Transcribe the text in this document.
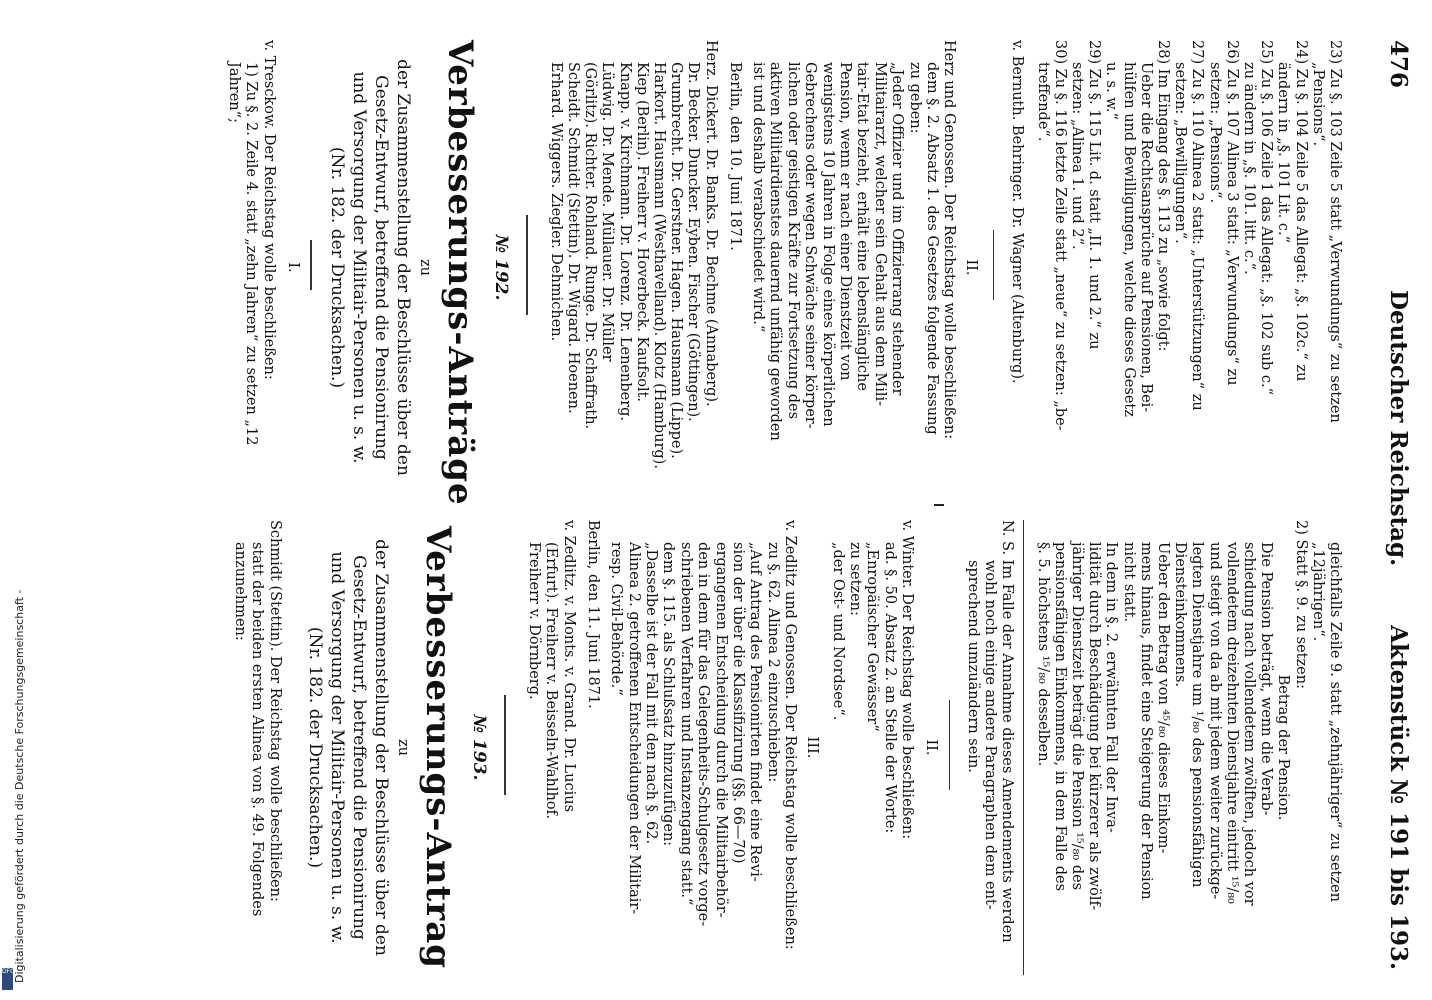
476
Deutscher Reichstag.
Aktenstück № 191 bis 193.
23) Zu §. 103 Zeile 5 statt „Verwundungs“ zu setzen
„Pensions“.
24) Zu §. 104 Zeile 5 das Allegat: „§. 102c.“ zu
ändern in „§. 101 Lit. c.“
25) Zu §. 106 Zeile 1 das Allegat: „§. 102 sub c.“
zu ändern in „§. 101. litt. c.“.
26) Zu §. 107 Alinea 3 statt: „Verwundungs“ zu
setzen: „Pensions“.
27) Zu §. 110 Alinea 2 statt: „Unterstützungen“ zu
setzen: „Bewilligungen“.
28) Im Eingang des §. 113 zu „sowie folgt:
Ueber die Rechtsansprüche auf Pensionen, Bei-
hülfen und Bewilligungen, welche dieses Gesetz
u. s. w.“
29) Zu §. 115 Lit. d. statt „II. 1. und 2.“ zu
setzen: „Alinea 1. und 2“.
30) Zu §. 116 letzte Zeile statt „neue“ zu setzen: „be-
treffende“.
v. Bernuth. Behringer. Dr. Wagner (Altenburg).
II.
Herz und Genossen. Der Reichstag wolle beschließen:
dem §. 2. Absatz 1. des Gesetzes folgende Fassung
zu geben:
„Jeder Offizier und im Offizierrang stehender
Militairarzt, welcher sein Gehalt aus dem Mili-
tair-Etat bezieht, erhält eine lebenslängliche
Pension, wenn er nach einer Dienstzeit von
wenigstens 10 Jahren in Folge eines körperlichen
Gebrechens oder wegen Schwäche seiner körper-
lichen oder geistigen Kräfte zur Fortsetzung des
aktiven Militairdienstes dauernd unfähig geworden
ist und deshalb verabschiedet wird.“
Berlin, den 10. Juni 1871.
Herz. Dickert. Dr. Banks. Dr. Bechme (Annaberg).
Dr. Becker. Duncker. Eyben. Fischer (Göttingen).
Grumbrecht. Dr. Gerstner. Hagen. Hausmann (Lippe).
Harkort. Hausmann (Westhavelland). Klotz (Hamburg).
Kiep (Berlin). Freiherr v. Hoverbeck. Kaufsolt.
Knapp. v. Kirchmann. Dr. Lorenz. Dr. Lenenberg.
Lüdwig. Dr. Mende. Müllauer. Dr. Müller
(Görlitz). Richter. Rohland. Runge. Dr. Schaffrath.
Scheidt. Schmidt (Stettin). Dr. Wigard. Hoenen.
Erhard. Wiggers. Ziegler. Dehmichen.
№ 192.
Verbesserungs-Anträge
zu
der Zusammenstellung der Beschlüsse über den
Gesetz-Entwurf, betreffend die Pensionirung
und Versorgung der Militair-Personen u. s. w.
(Nr. 182. der Drucksachen.)
I.
v. Tresckow. Der Reichstag wolle beschließen:
1) Zu §. 2. Zeile 4. statt „zehn Jahren“ zu setzen „12
Jahren“;
gleichfalls Zeile 9. statt „zehnjähriger“ zu setzen
„12jährigen“.
2) Statt §. 9. zu setzen:
Betrag der Pension.
Die Pension beträgt, wenn die Verab-
schiedung nach vollendetem zwölften, jedoch vor
vollendetem dreizehnten Dienstjahre eintritt ¹⁵/₈₀
und steigt von da ab mit jedem weiter zurückge-
legten Dienstjahre um ¹/₈₀ des pensionsfähigen
Diensteinkommens.
Ueber den Betrag von ⁴⁵/₈₀ dieses Einkom-
mens hinaus, findet eine Steigerung der Pension
nicht statt.
In dem in §. 2. erwähnten Fall der Inva-
lidität durch Beschädigung bei kürzerer als zwölf-
jähriger Dienstzeit beträgt die Pension ¹⁵/₈₀ des
pensionsfähigen Einkommens, in dem Falle des
§. 5. höchstens ¹⁵/₈₀ desselben.
N. S. Im Falle der Annahme dieses Amendements werden
wohl noch einige andere Paragraphen dem ent-
sprechend umzuändern sein.
II.
v. Winter. Der Reichstag wolle beschließen:
ad. §. 50. Absatz 2. an Stelle der Worte:
„Enropäischer Gewässer“
zu setzen:
„der Ost- und Nordsee“.
III.
v. Zedlitz und Genossen. Der Reichstag wolle beschließen:
zu §. 62. Alinea 2 einzuschieben:
„Auf Antrag des Pensionirten findet eine Revi-
sion der über die Klassifizirung (§§. 66—70)
ergangenen Entscheidung durch die Militairbehör-
den in dem für das Gelegenheits-Schulgesetz vorge-
schriebenen Verfahren und Instanzengang statt.“
dem §. 115. als Schlußsatz hinzuzufügen:
„Dasselbe ist der Fall mit den nach §. 62.
Alinea 2. getroffenen Entscheidungen der Militair-
resp. Civil-Behörde.“
Berlin, den 11. Juni 1871.
v. Zedlitz. v. Monts. v. Grand. Dr. Lucius
(Erfurt). Freiherr v. Beisseln-Wahlhof.
Freiherr v. Dörnberg.
№ 193.
Verbesserungs-Antrag
zu
der Zusammenstellung der Beschlüsse über den
Gesetz-Entwurf, betreffend die Pensionirung
und Versorgung der Militair-Personen u. s. w.
(Nr. 182. der Drucksachen.)
Schmidt (Stettin). Der Reichstag wolle beschließen:
statt der beiden ersten Alinea von §. 49. Folgendes
anzunehmen:
DFG
Digitalisierung gefördert durch die Deutsche Forschungsgemeinschaft -
